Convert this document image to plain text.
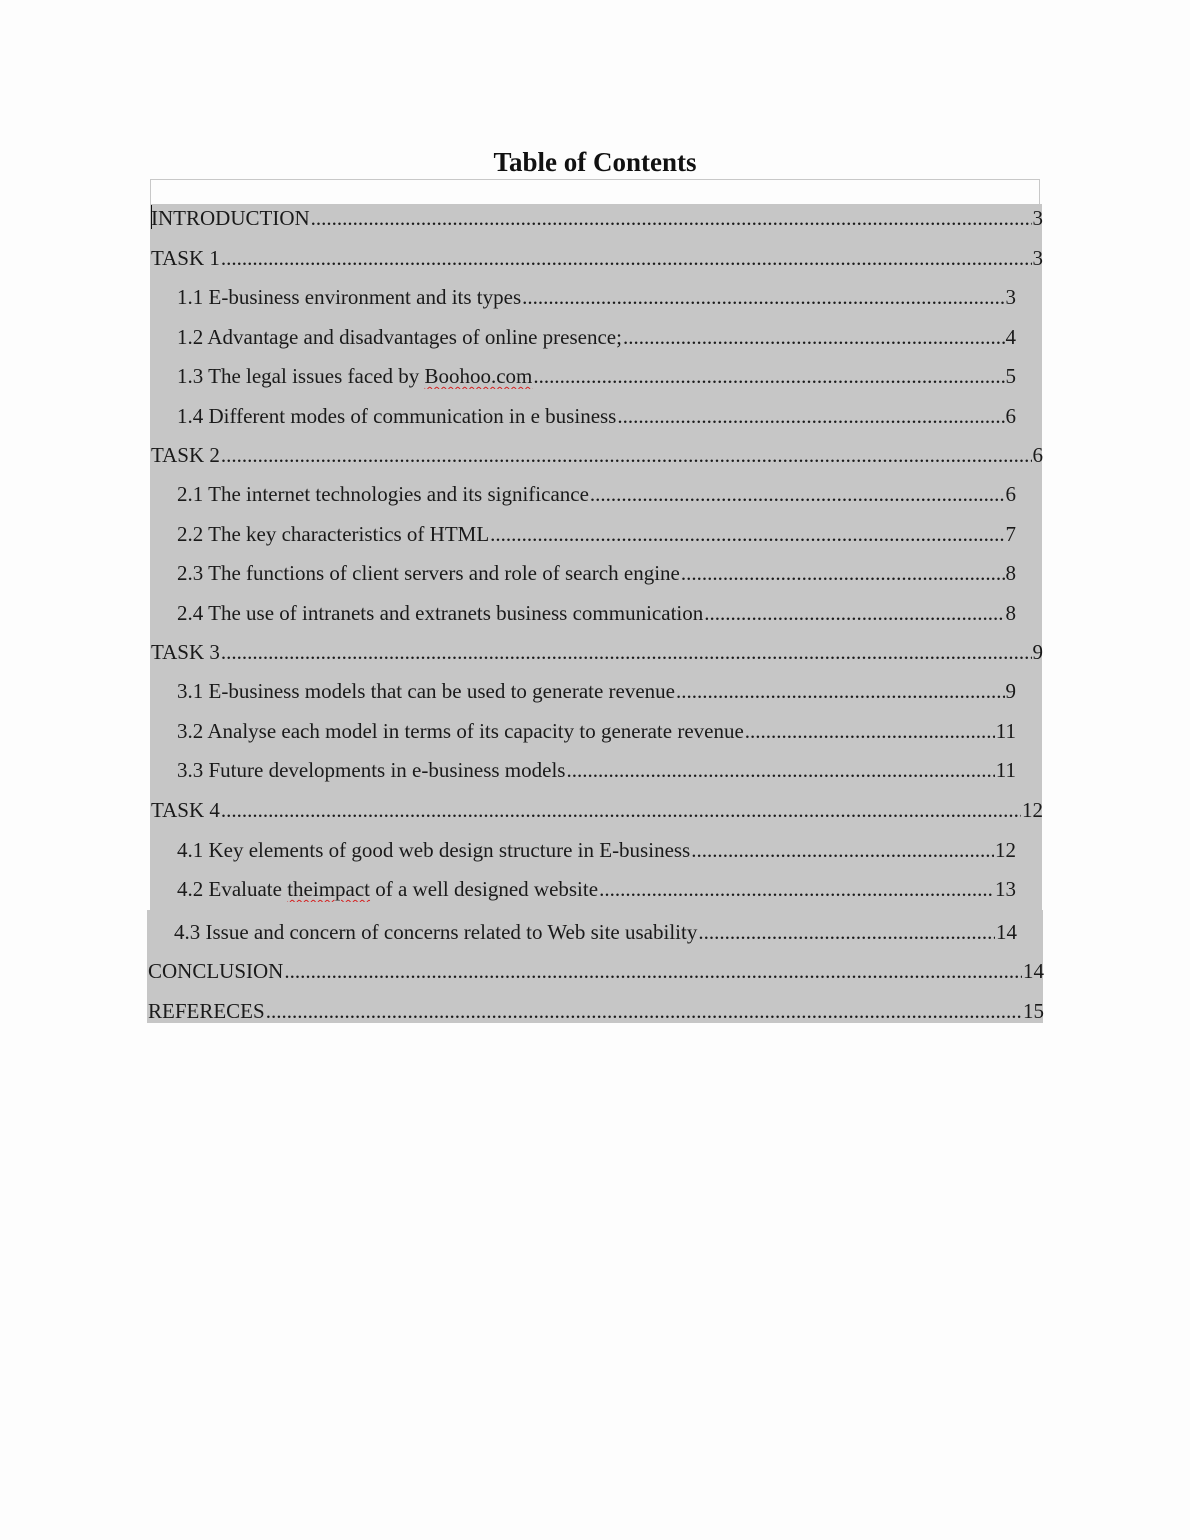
Table of Contents
INTRODUCTION .....	3
TASK 1 .....	3
1.1 E-business environment and its types .....	3
1.2 Advantage and disadvantages of online presence; .....	4
1.3 The legal issues faced by Boohoo.com .....	5
1.4 Different modes of communication in e business .....	6
TASK 2 .....	6
2.1 The internet technologies and its significance .....	6
2.2 The key characteristics of HTML .....	7
2.3 The functions of client servers and role of search engine .....	8
2.4 The use of intranets and extranets business communication .....	8
TASK 3 .....	9
3.1 E-business models that can be used to generate revenue .....	9
3.2 Analyse each model in terms of its capacity to generate revenue .....	11
3.3 Future developments in e-business models .....	11
TASK 4 .....	12
4.1 Key elements of good web design structure in E-business .....	12
4.2 Evaluate theimpact of a well designed website .....	13
4.3 Issue and concern of concerns related to Web site usability .....	14
CONCLUSION .....	14
REFERECES .....	15
